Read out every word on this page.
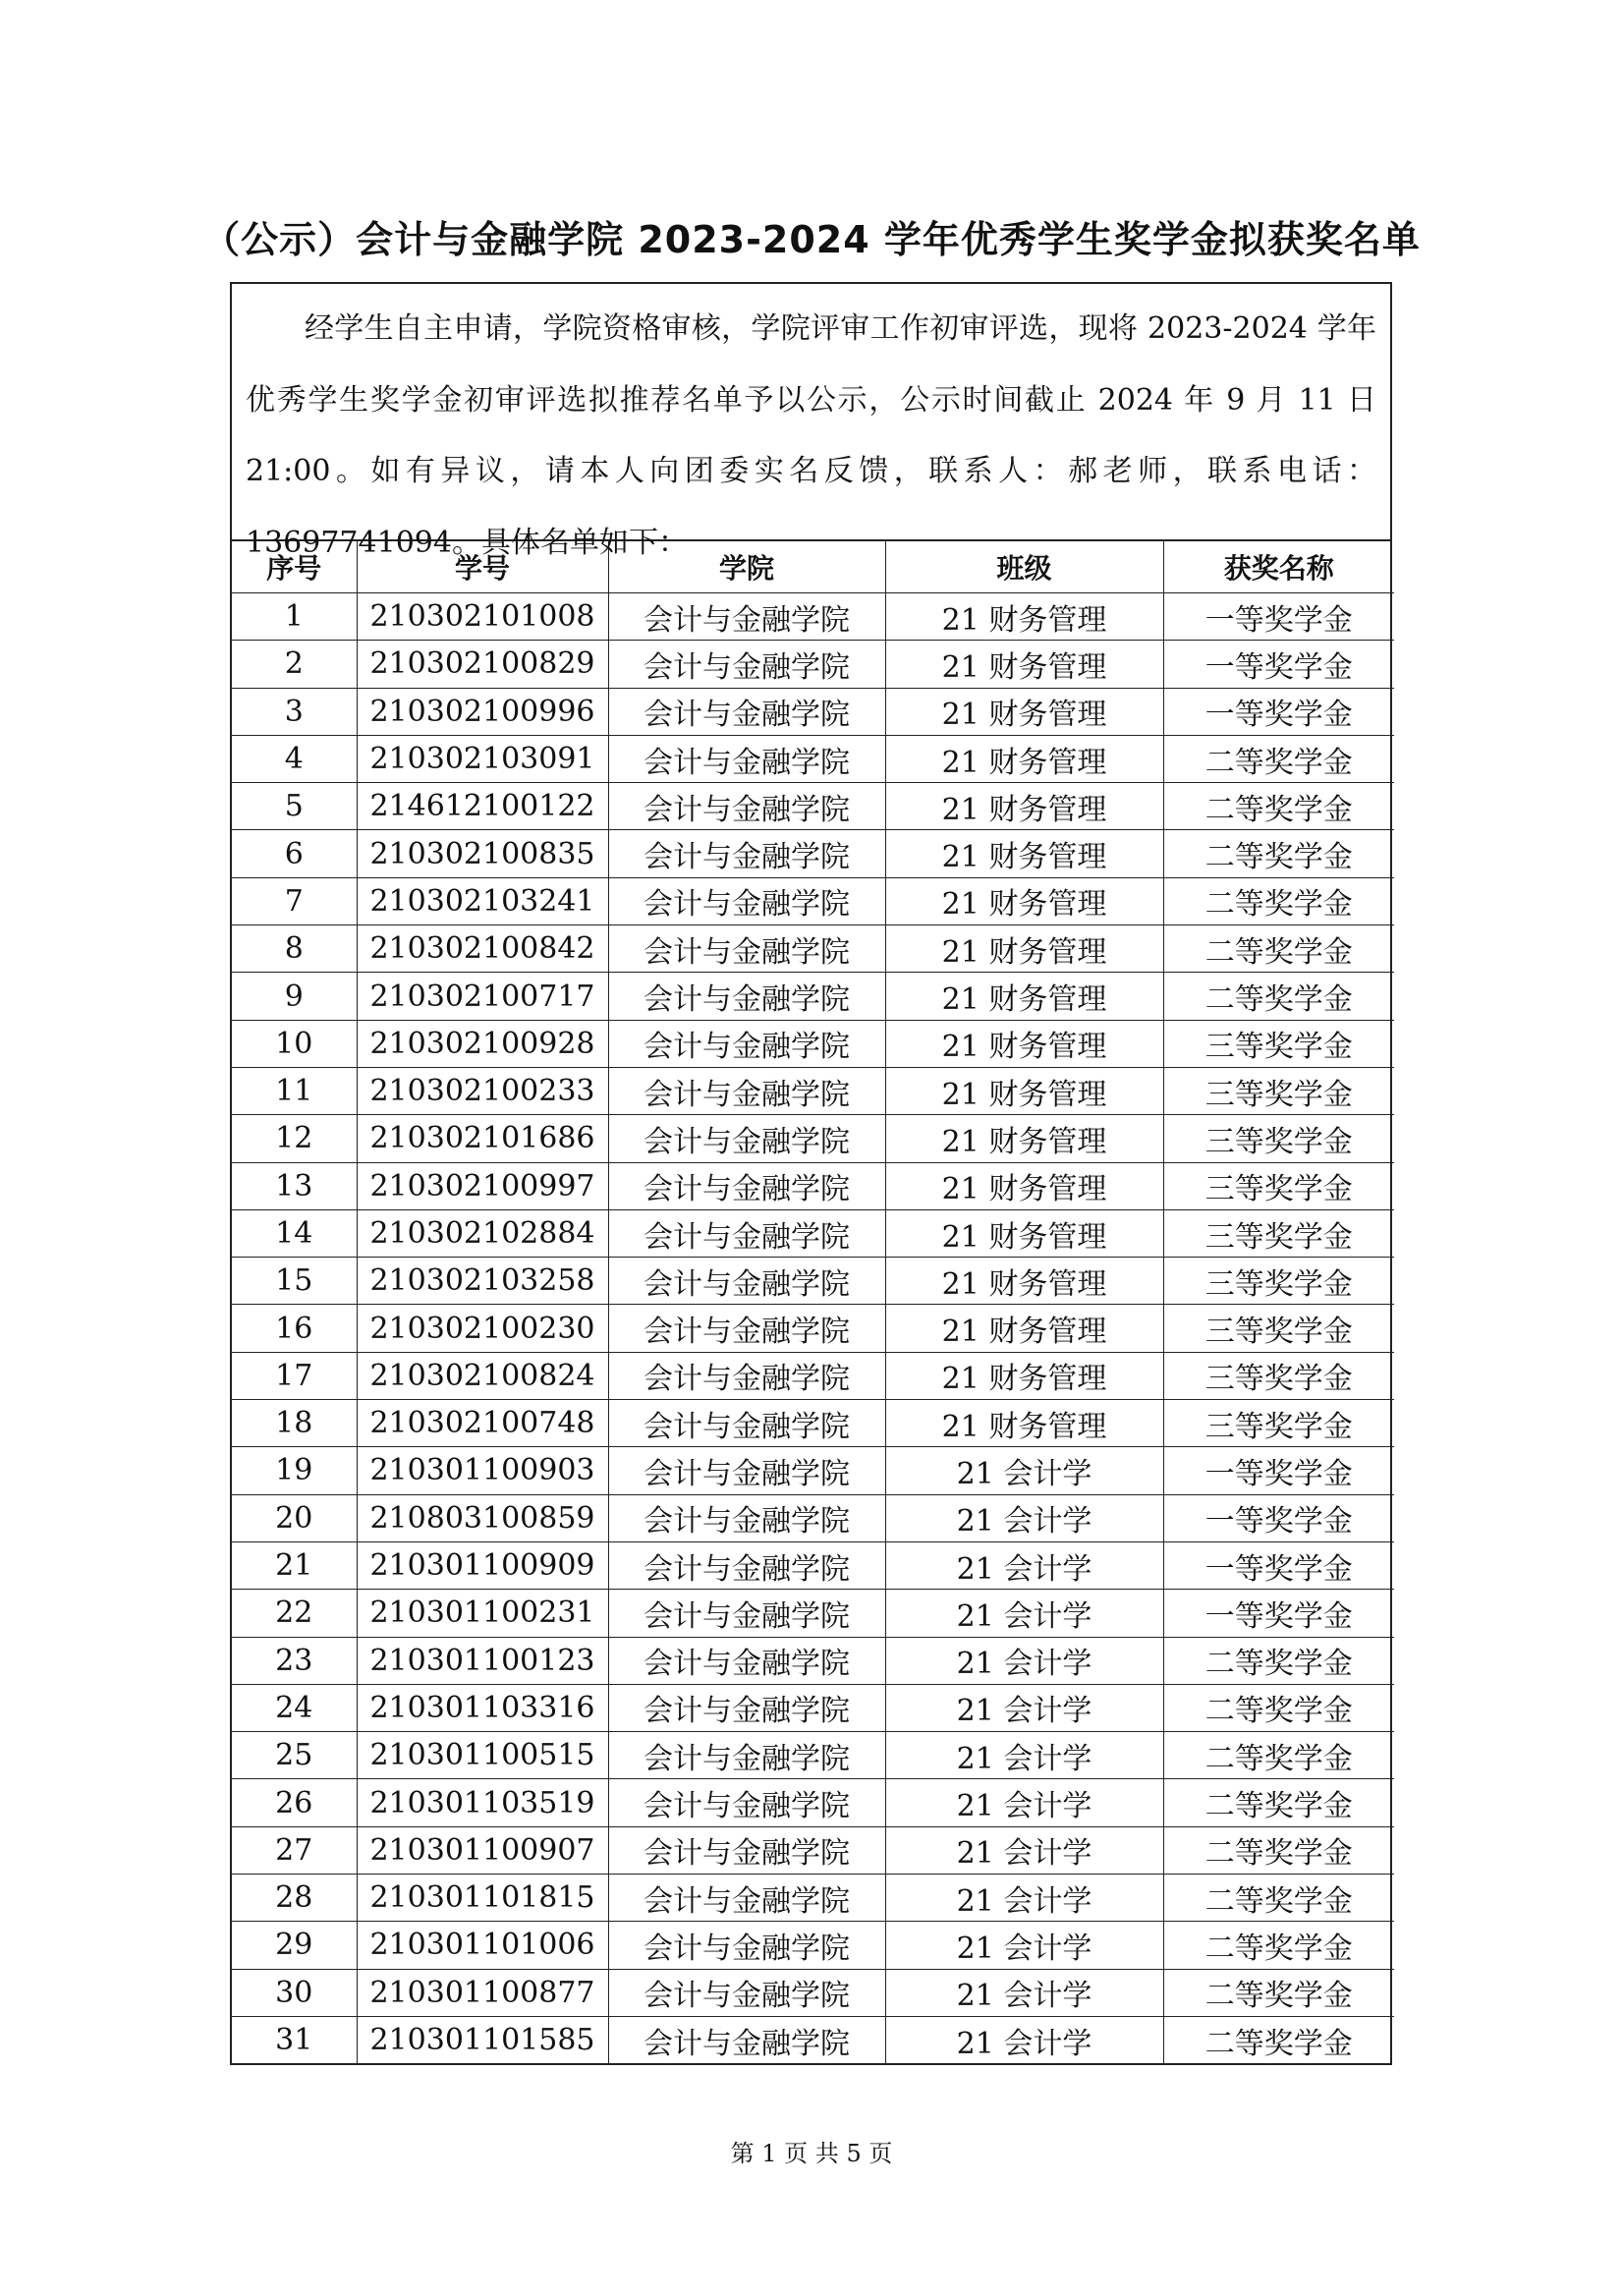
（公示）会计与金融学院 2023-2024 学年优秀学生奖学金拟获奖名单
经学生自主申请，学院资格审核，学院评审工作初审评选，现将 2023-2024 学年优秀学生奖学金初审评选拟推荐名单予以公示，公示时间截止 2024 年 9 月 11 日 21:00。如有异议，请本人向团委实名反馈，联系人：郝老师，联系电话：13697741094。具体名单如下：
序号	学号	学院	班级	获奖名称
1	210302101008	会计与金融学院	21 财务管理	一等奖学金
2	210302100829	会计与金融学院	21 财务管理	一等奖学金
3	210302100996	会计与金融学院	21 财务管理	一等奖学金
4	210302103091	会计与金融学院	21 财务管理	二等奖学金
5	214612100122	会计与金融学院	21 财务管理	二等奖学金
6	210302100835	会计与金融学院	21 财务管理	二等奖学金
7	210302103241	会计与金融学院	21 财务管理	二等奖学金
8	210302100842	会计与金融学院	21 财务管理	二等奖学金
9	210302100717	会计与金融学院	21 财务管理	二等奖学金
10	210302100928	会计与金融学院	21 财务管理	三等奖学金
11	210302100233	会计与金融学院	21 财务管理	三等奖学金
12	210302101686	会计与金融学院	21 财务管理	三等奖学金
13	210302100997	会计与金融学院	21 财务管理	三等奖学金
14	210302102884	会计与金融学院	21 财务管理	三等奖学金
15	210302103258	会计与金融学院	21 财务管理	三等奖学金
16	210302100230	会计与金融学院	21 财务管理	三等奖学金
17	210302100824	会计与金融学院	21 财务管理	三等奖学金
18	210302100748	会计与金融学院	21 财务管理	三等奖学金
19	210301100903	会计与金融学院	21 会计学	一等奖学金
20	210803100859	会计与金融学院	21 会计学	一等奖学金
21	210301100909	会计与金融学院	21 会计学	一等奖学金
22	210301100231	会计与金融学院	21 会计学	一等奖学金
23	210301100123	会计与金融学院	21 会计学	二等奖学金
24	210301103316	会计与金融学院	21 会计学	二等奖学金
25	210301100515	会计与金融学院	21 会计学	二等奖学金
26	210301103519	会计与金融学院	21 会计学	二等奖学金
27	210301100907	会计与金融学院	21 会计学	二等奖学金
28	210301101815	会计与金融学院	21 会计学	二等奖学金
29	210301101006	会计与金融学院	21 会计学	二等奖学金
30	210301100877	会计与金融学院	21 会计学	二等奖学金
31	210301101585	会计与金融学院	21 会计学	二等奖学金
第 1 页 共 5 页
